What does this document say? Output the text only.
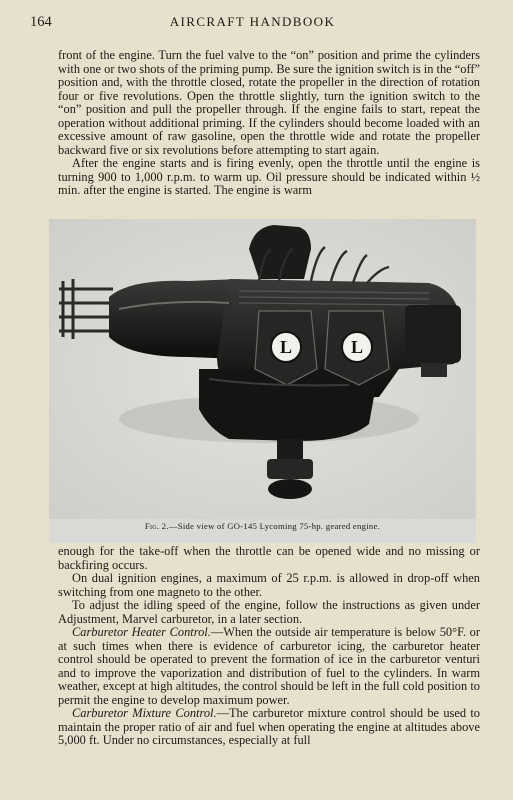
164	AIRCRAFT HANDBOOK

front of the engine. Turn the fuel valve to the “on” position and prime the cylinders with one or two shots of the priming pump. Be sure the ignition switch is in the “off” position and, with the throttle closed, rotate the propeller in the direction of rotation four or five revolutions. Open the throttle slightly, turn the ignition switch to the “on” position and pull the propeller through. If the engine fails to start, repeat the operation without additional priming. If the cylinders should become loaded with an excessive amount of raw gasoline, open the throttle wide and rotate the propeller backward five or six revolutions before attempting to start again.

After the engine starts and is firing evenly, open the throttle until the engine is turning 900 to 1,000 r.p.m. to warm up. Oil pressure should be indicated within ½ min. after the engine is started. The engine is warm

L	L
Fig. 2.—Side view of GO-145 Lycoming 75-hp. geared engine.

enough for the take-off when the throttle can be opened wide and no missing or backfiring occurs.

On dual ignition engines, a maximum of 25 r.p.m. is allowed in drop-off when switching from one magneto to the other.

To adjust the idling speed of the engine, follow the instructions as given under Adjustment, Marvel carburetor, in a later section.

Carburetor Heater Control.—When the outside air temperature is below 50°F. or at such times when there is evidence of carburetor icing, the carburetor heater control should be operated to prevent the formation of ice in the carburetor venturi and to improve the vaporization and distribution of fuel to the cylinders. In warm weather, except at high altitudes, the control should be left in the full cold position to permit the engine to develop maximum power.

Carburetor Mixture Control.—The carburetor mixture control should be used to maintain the proper ratio of air and fuel when operating the engine at altitudes above 5,000 ft. Under no circumstances, especially at full
